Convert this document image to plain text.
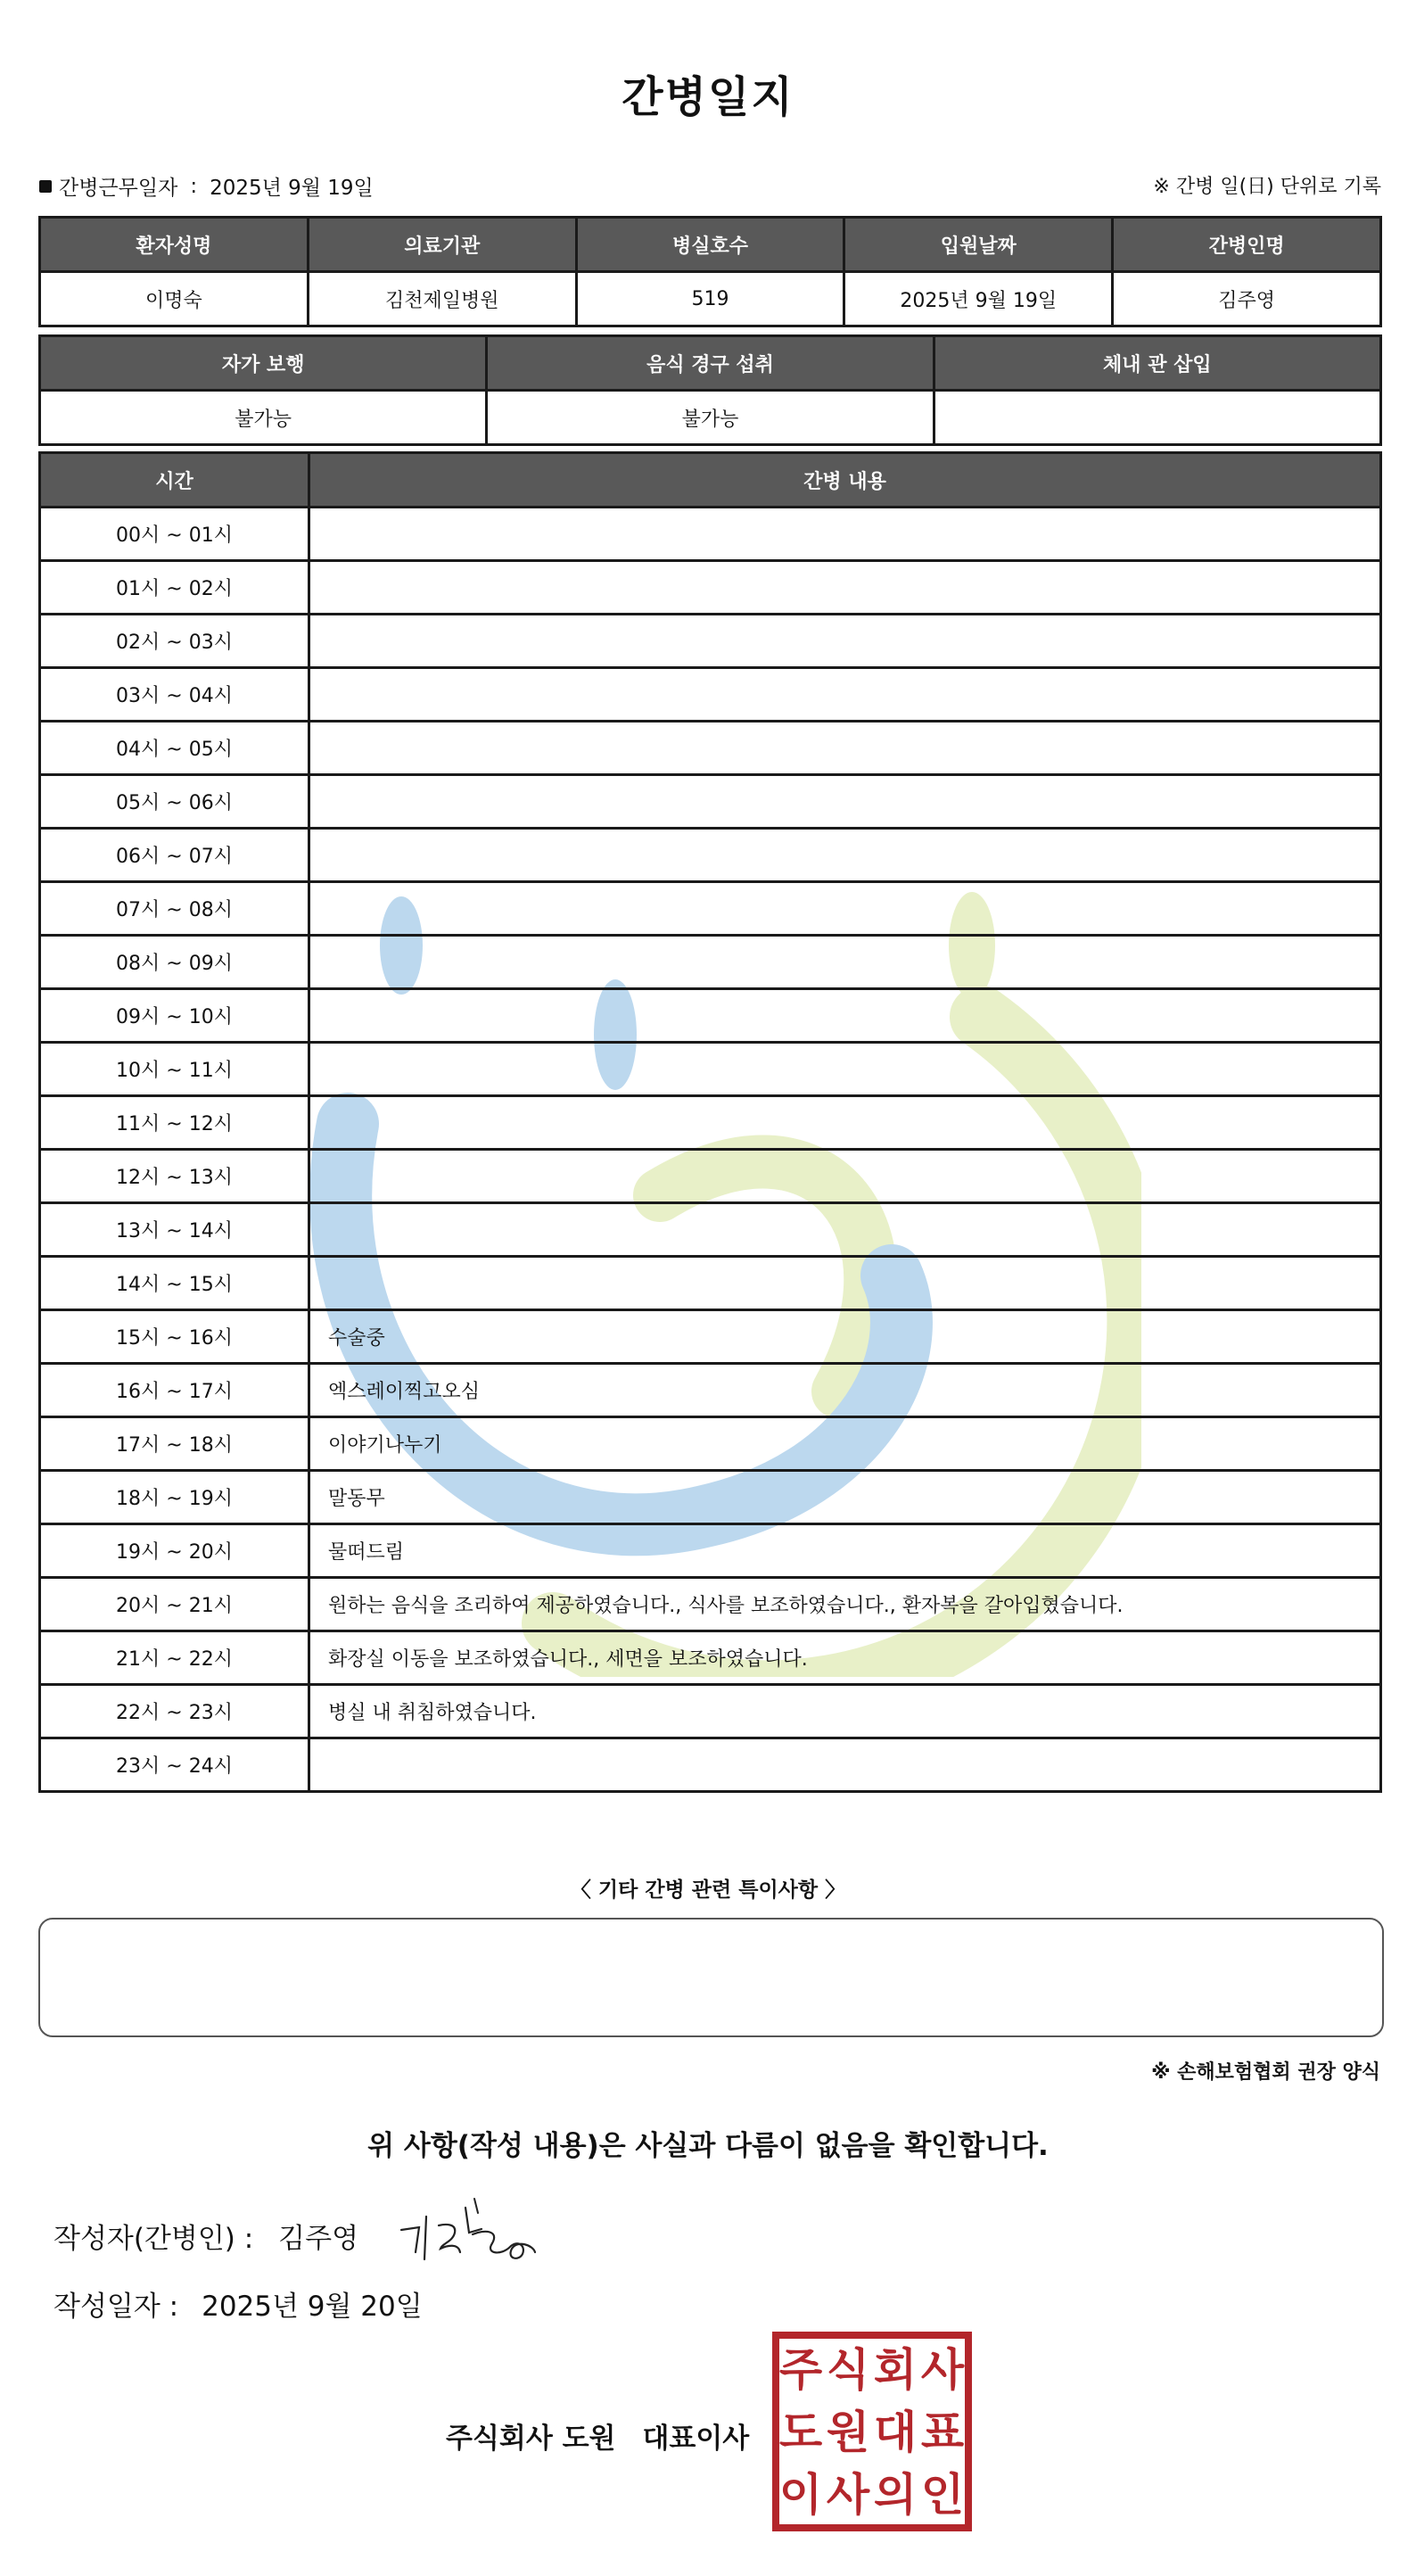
간병일지
간병근무일자 : 2025년 9월 19일	※ 간병 일(日) 단위로 기록
환자성명	의료기관	병실호수	입원날짜	간병인명
이명숙	김천제일병원	519	2025년 9월 19일	김주영
자가 보행	음식 경구 섭취	체내 관 삽입
불가능	불가능	
시간	간병 내용
00시 ~ 01시	
01시 ~ 02시	
02시 ~ 03시	
03시 ~ 04시	
04시 ~ 05시	
05시 ~ 06시	
06시 ~ 07시	
07시 ~ 08시	
08시 ~ 09시	
09시 ~ 10시	
10시 ~ 11시	
11시 ~ 12시	
12시 ~ 13시	
13시 ~ 14시	
14시 ~ 15시	
15시 ~ 16시	수술중
16시 ~ 17시	엑스레이찍고오심
17시 ~ 18시	이야기나누기
18시 ~ 19시	말동무
19시 ~ 20시	물떠드림
20시 ~ 21시	원하는 음식을 조리하여 제공하였습니다., 식사를 보조하였습니다., 환자복을 갈아입혔습니다.
21시 ~ 22시	화장실 이동을 보조하였습니다., 세면을 보조하였습니다.
22시 ~ 23시	병실 내 취침하였습니다.
23시 ~ 24시	
〈 기타 간병 관련 특이사항 〉
※ 손해보험협회 권장 양식
위 사항(작성 내용)은 사실과 다름이 없음을 확인합니다.
작성자(간병인) : 김주영
작성일자 : 2025년 9월 20일
주식회사 도원 대표이사
주 식 회 사
도 원 대 표
이 사 의 인
